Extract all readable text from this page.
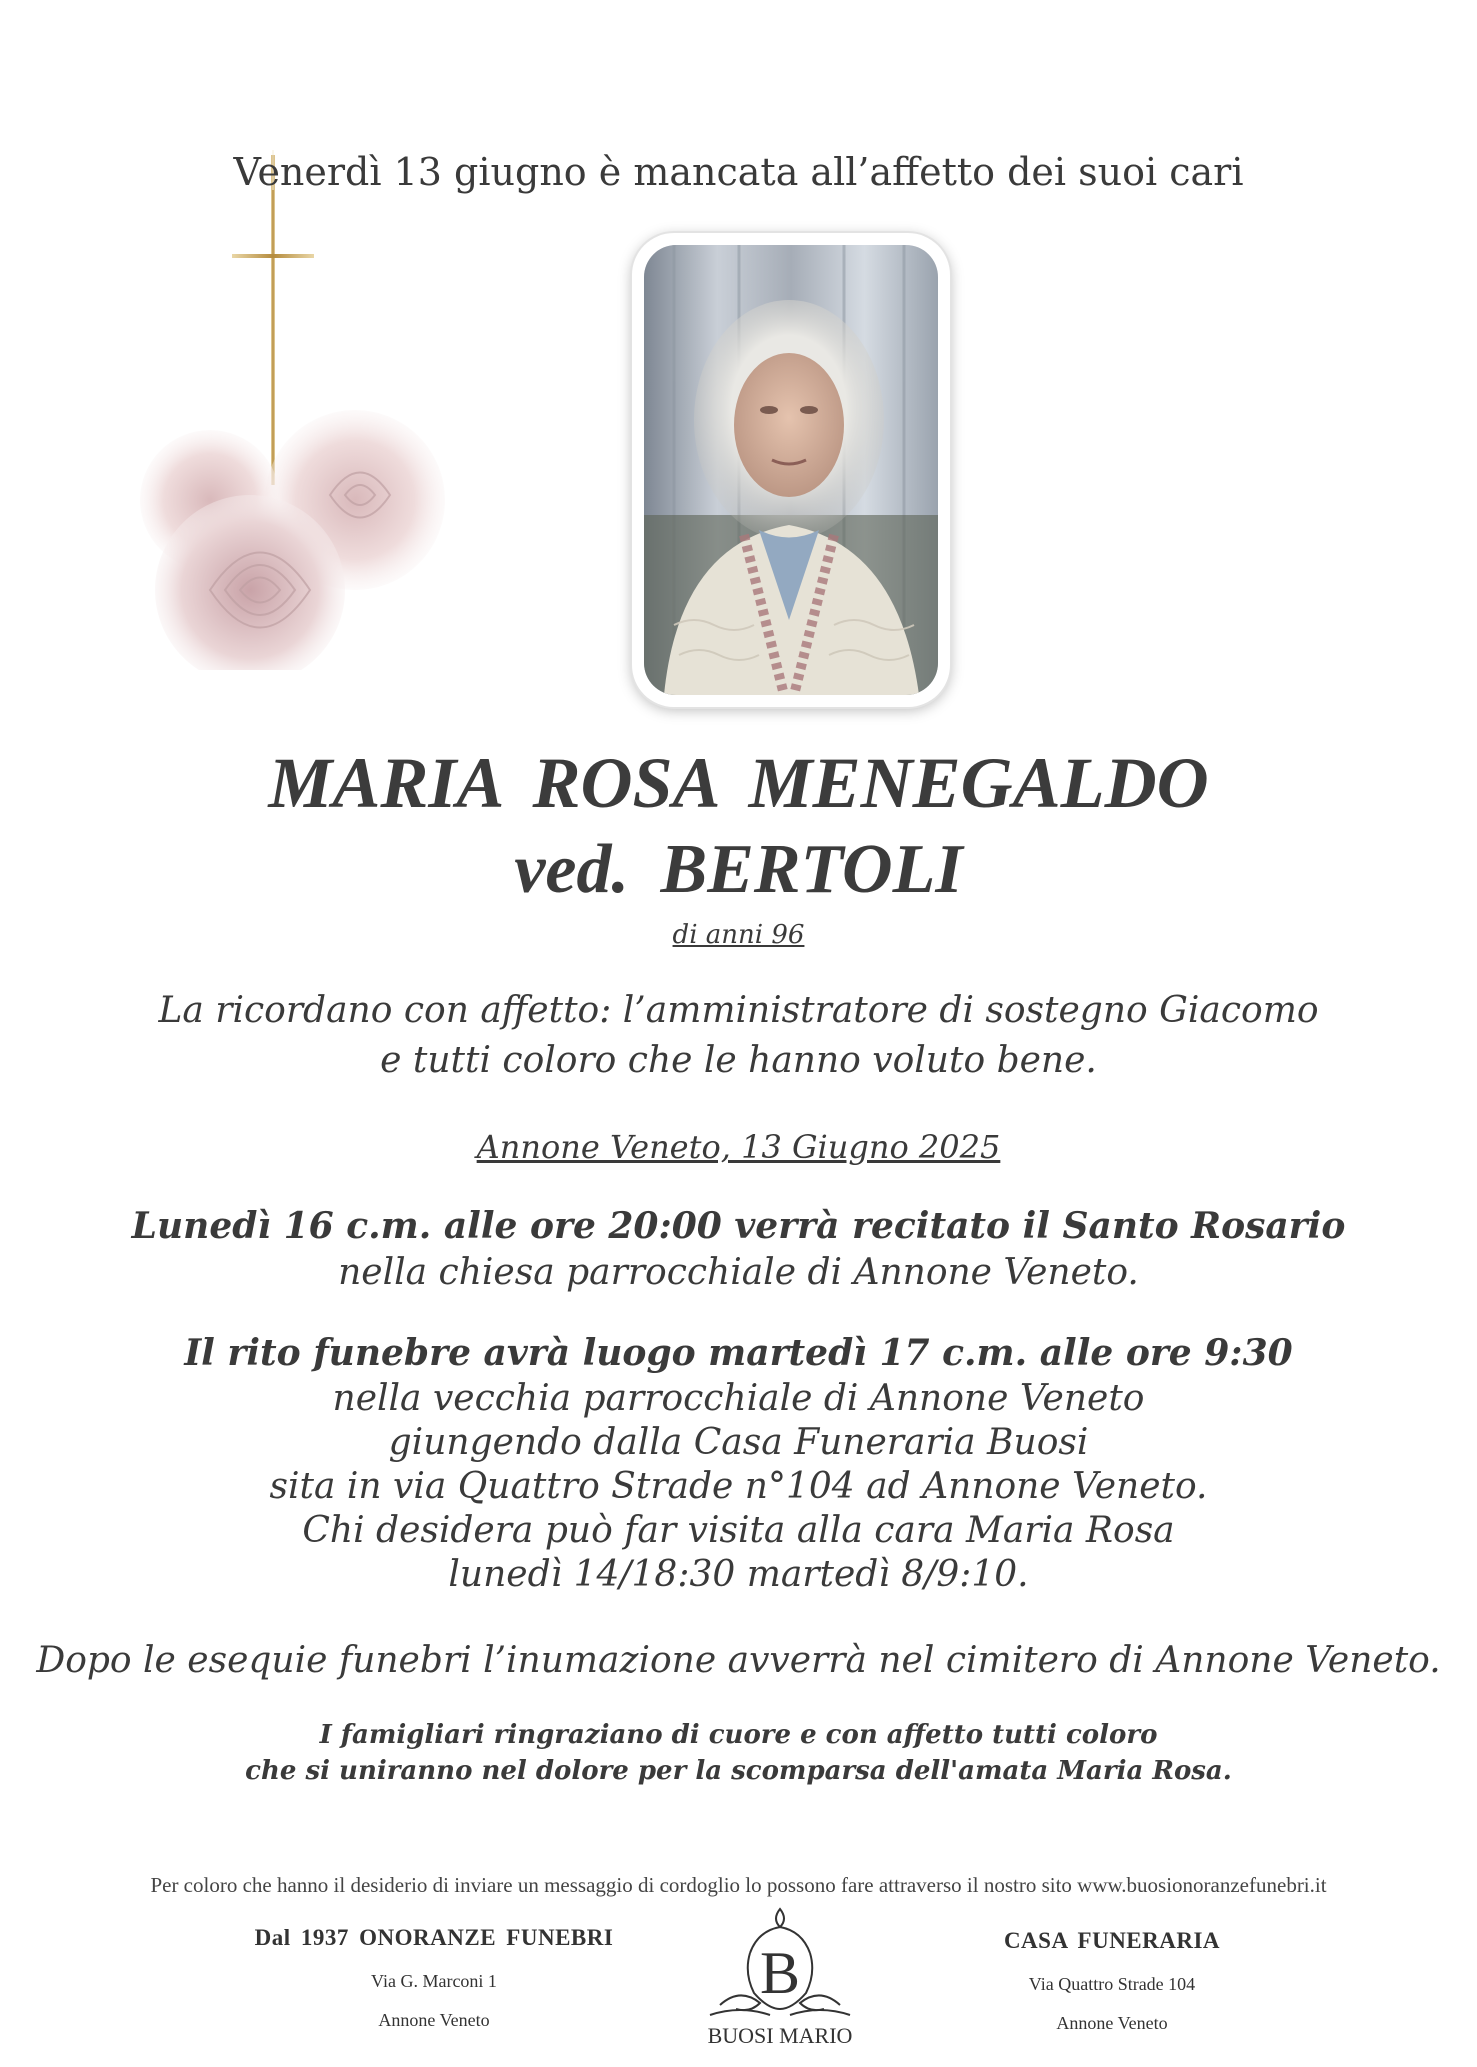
Venerdì 13 giugno è mancata all’affetto dei suoi cari
MARIA ROSA MENEGALDO
ved. BERTOLI
di anni 96
La ricordano con affetto: l’amministratore di sostegno Giacomo
e tutti coloro che le hanno voluto bene.
Annone Veneto, 13 Giugno 2025
Lunedì 16 c.m. alle ore 20:00 verrà recitato il Santo Rosario
nella chiesa parrocchiale di Annone Veneto.
Il rito funebre avrà luogo martedì 17 c.m. alle ore 9:30
nella vecchia parrocchiale di Annone Veneto
giungendo dalla Casa Funeraria Buosi
sita in via Quattro Strade n°104 ad Annone Veneto.
Chi desidera può far visita alla cara Maria Rosa
lunedì 14/18:30 martedì 8/9:10.
Dopo le esequie funebri l’inumazione avverrà nel cimitero di Annone Veneto.
I famigliari ringraziano di cuore e con affetto tutti coloro
che si uniranno nel dolore per la scomparsa dell'amata Maria Rosa.
Per coloro che hanno il desiderio di inviare un messaggio di cordoglio lo possono fare attraverso il nostro sito www.buosionoranzefunebri.it
Dal 1937 ONORANZE FUNEBRI
Via G. Marconi 1
Annone Veneto
B
BUOSI MARIO
CASA FUNERARIA
Via Quattro Strade 104
Annone Veneto
